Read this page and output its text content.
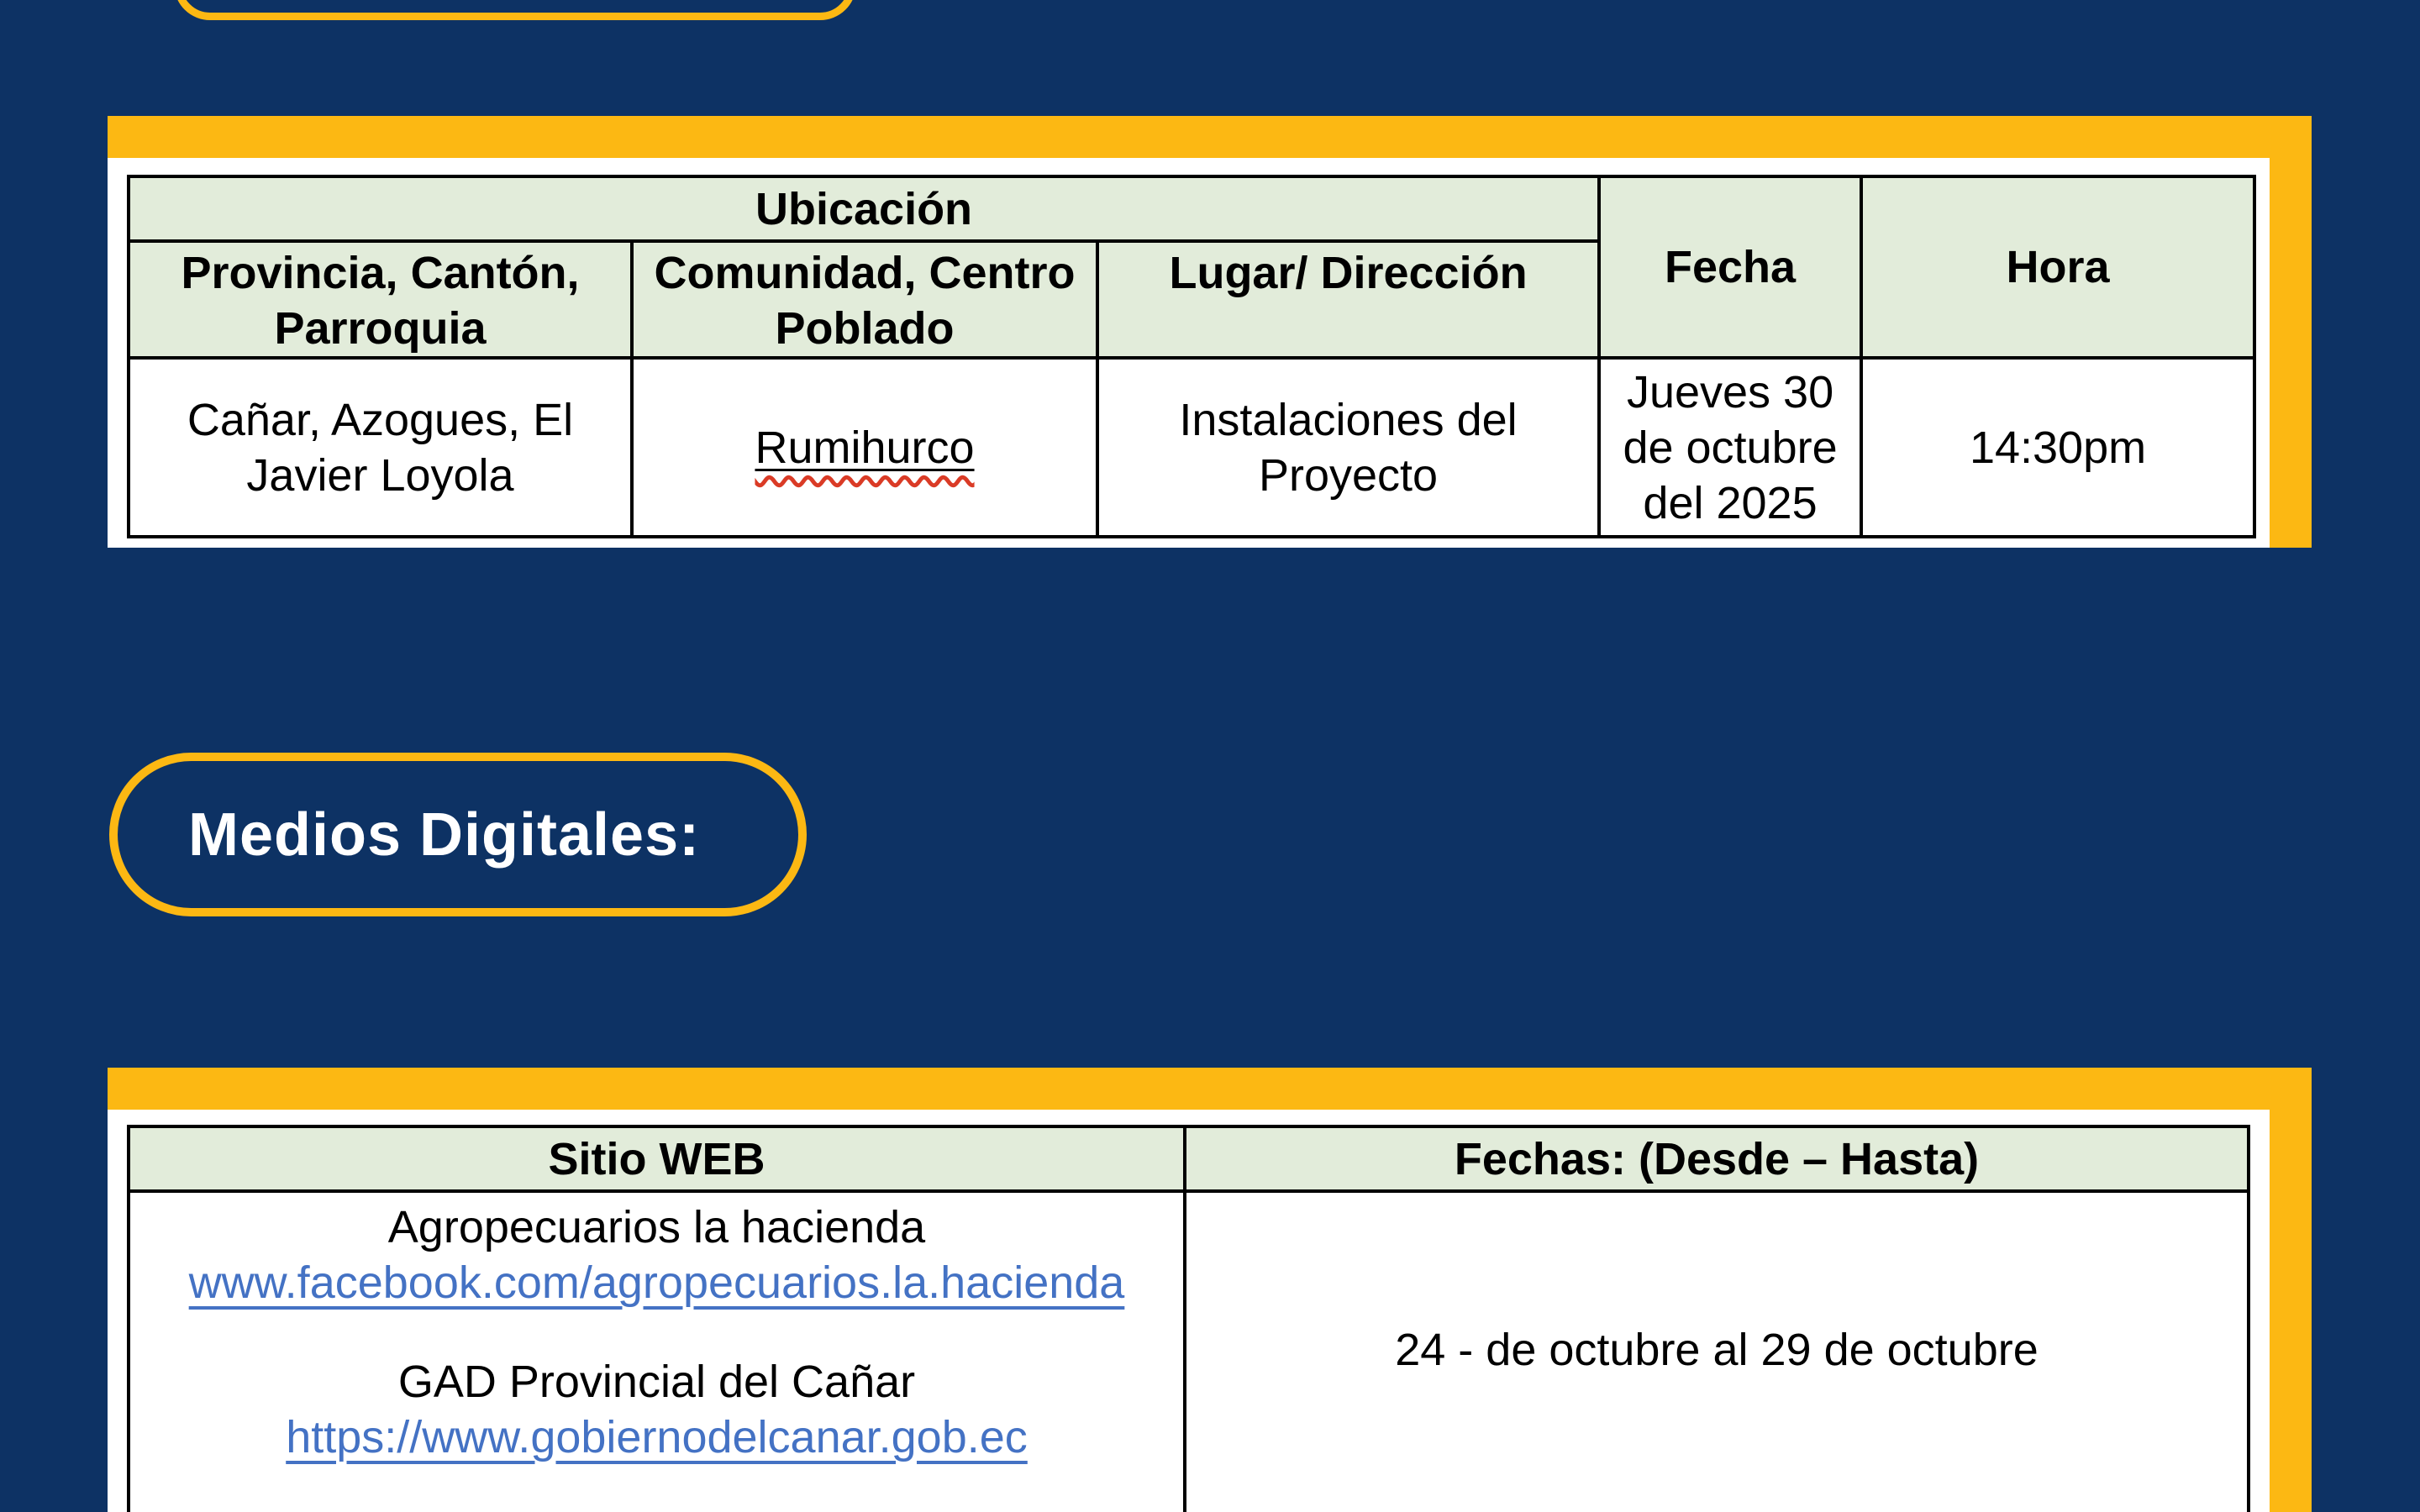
Ubicación			Fecha	Hora
Provincia, Cantón, Parroquia	Comunidad, Centro Poblado	Lugar/ Dirección		
Cañar, Azogues, El Javier Loyola	Rumihurco	Instalaciones del Proyecto	Jueves 30 de octubre del 2025	14:30pm
Medios Digitales:
Sitio WEB	Fechas: (Desde – Hasta)

Agropecuarios la hacienda
www.facebook.com/agropecuarios.la.hacienda
GAD Provincial del Cañar
https://www.gobiernodelcanar.gob.ec	24 - de octubre al 29 de octubre
